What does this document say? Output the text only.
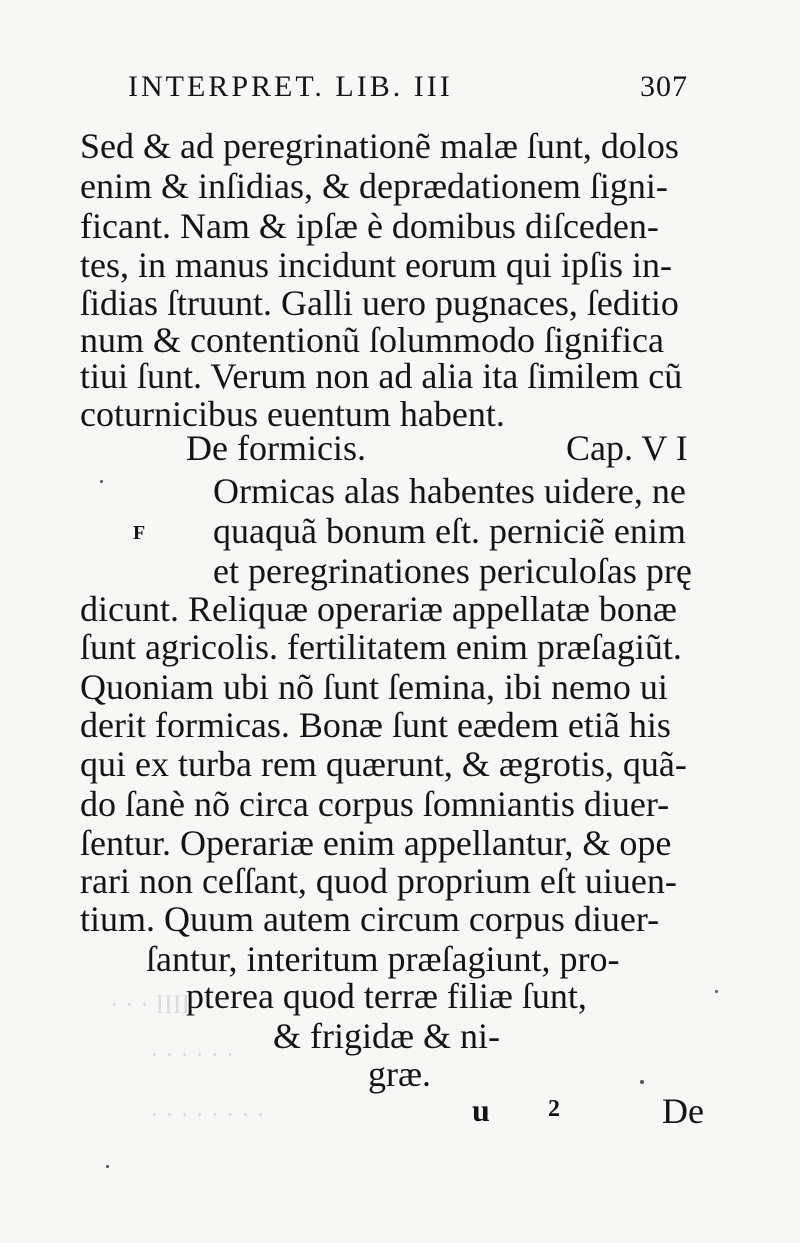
IIII · · ·
· · · · · ·
· · · · · · · ·
INTERPRET. LIB. III	307
Sed & ad peregrinationẽ malæ ſunt, dolos
enim & inſidias, & deprædationem ſigni-
ficant. Nam & ipſæ è domibus diſceden-
tes, in manus incidunt eorum qui ipſis in-
ſidias ſtruunt. Galli uero pugnaces, ſeditio
num & contentionũ ſolummodo ſignifica
tiui ſunt. Verum non ad alia ita ſimilem cũ
coturnicibus euentum habent.
De formicis.	Cap. V I
F
Ormicas alas habentes uidere, ne
quaquã bonum eſt. perniciẽ enim
et peregrinationes periculoſas prę
dicunt. Reliquæ operariæ appellatæ bonæ
ſunt agricolis. fertilitatem enim præſagiũt.
Quoniam ubi nõ ſunt ſemina, ibi nemo ui
derit formicas. Bonæ ſunt eædem etiã his
qui ex turba rem quærunt, & ægrotis, quã-
do ſanè nõ circa corpus ſomniantis diuer-
ſentur. Operariæ enim appellantur, & ope
rari non ceſſant, quod proprium eſt uiuen-
tium. Quum autem circum corpus diuer-
ſantur, interitum præſagiunt, pro-
pterea quod terræ filiæ ſunt,
& frigidæ & ni-
græ.
u 2	De
